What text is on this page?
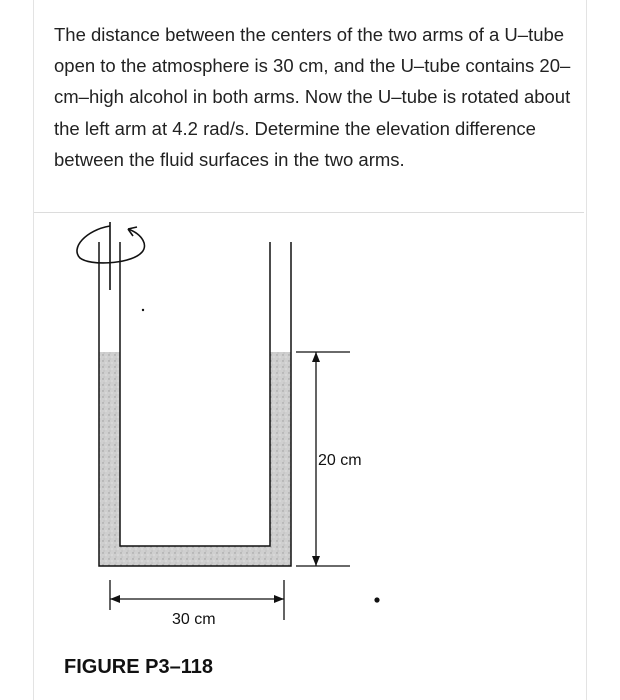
The distance between the centers of the two arms of a U–tube open to the atmosphere is 30 cm, and the U–tube contains 20–cm–high alcohol in both arms. Now the U–tube is rotated about the left arm at 4.2 rad/s. Determine the elevation difference between the fluid surfaces in the two arms.

20 cm
30 cm
FIGURE P3–118
